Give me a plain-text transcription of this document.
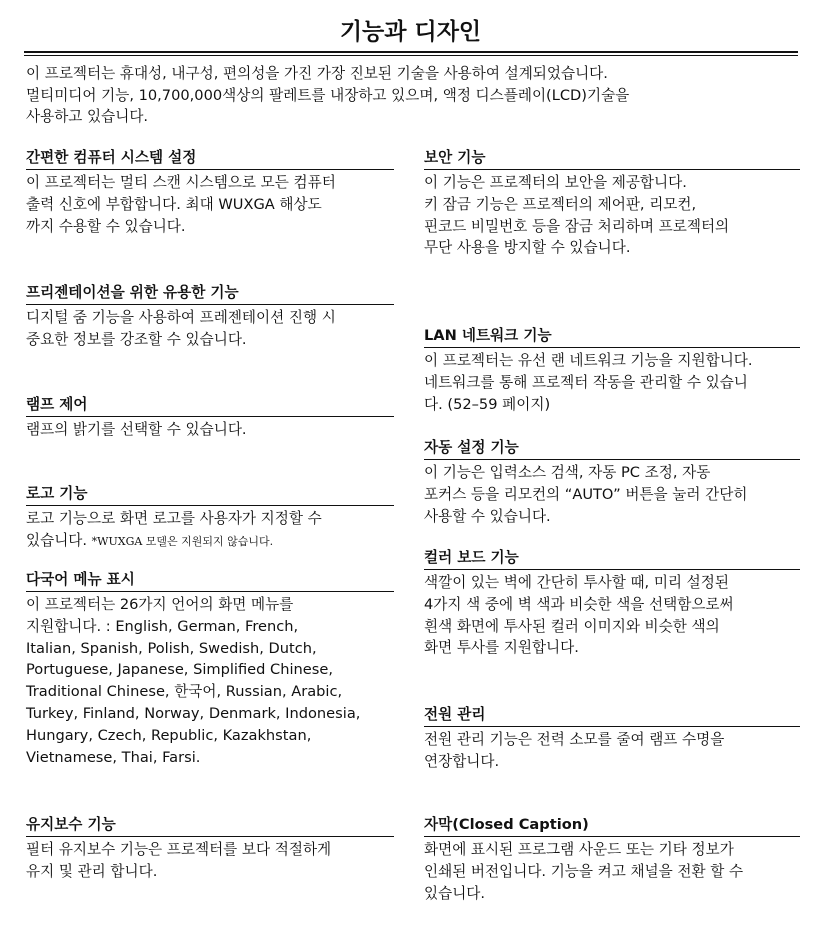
기능과 디자인
이 프로젝터는 휴대성, 내구성, 편의성을 가진 가장 진보된 기술을 사용하여 설계되었습니다.
멀티미디어 기능, 10,700,000색상의 팔레트를 내장하고 있으며, 액정 디스플레이(LCD)기술을
사용하고 있습니다.
간편한 컴퓨터 시스템 설정
이 프로젝터는 멀티 스캔 시스템으로 모든 컴퓨터
출력 신호에 부합합니다. 최대 WUXGA 해상도
까지 수용할 수 있습니다.
프리젠테이션을 위한 유용한 기능
디지털 줌 기능을 사용하여 프레젠테이션 진행 시
중요한 정보를 강조할 수 있습니다.
램프 제어
램프의 밝기를 선택할 수 있습니다.
로고 기능
로고 기능으로 화면 로고를 사용자가 지정할 수
있습니다. *WUXGA 모델은 지원되지 않습니다.
다국어 메뉴 표시
이 프로젝터는 26가지 언어의 화면 메뉴를
지원합니다. : English, German, French,
Italian, Spanish, Polish, Swedish, Dutch,
Portuguese, Japanese, Simplified Chinese,
Traditional Chinese, 한국어, Russian, Arabic,
Turkey, Finland, Norway, Denmark, Indonesia,
Hungary, Czech, Republic, Kazakhstan,
Vietnamese, Thai, Farsi.
유지보수 기능
필터 유지보수 기능은 프로젝터를 보다 적절하게
유지 및 관리 합니다.
보안 기능
이 기능은 프로젝터의 보안을 제공합니다.
키 잠금 기능은 프로젝터의 제어판, 리모컨,
핀코드 비밀번호 등을 잠금 처리하며 프로젝터의
무단 사용을 방지할 수 있습니다.
LAN 네트워크 기능
이 프로젝터는 유선 랜 네트워크 기능을 지원합니다.
네트워크를 통해 프로젝터 작동을 관리할 수 있습니
다. (52–59 페이지)
자동 설정 기능
이 기능은 입력소스 검색, 자동 PC 조정, 자동
포커스 등을 리모컨의 “AUTO” 버튼을 눌러 간단히
사용할 수 있습니다.
컬러 보드 기능
색깔이 있는 벽에 간단히 투사할 때, 미리 설정된
4가지 색 중에 벽 색과 비슷한 색을 선택함으로써
흰색 화면에 투사된 컬러 이미지와 비슷한 색의
화면 투사를 지원합니다.
전원 관리
전원 관리 기능은 전력 소모를 줄여 램프 수명을
연장합니다.
자막(Closed Caption)
화면에 표시된 프로그램 사운드 또는 기타 정보가
인쇄된 버전입니다. 기능을 켜고 채널을 전환 할 수
있습니다.
